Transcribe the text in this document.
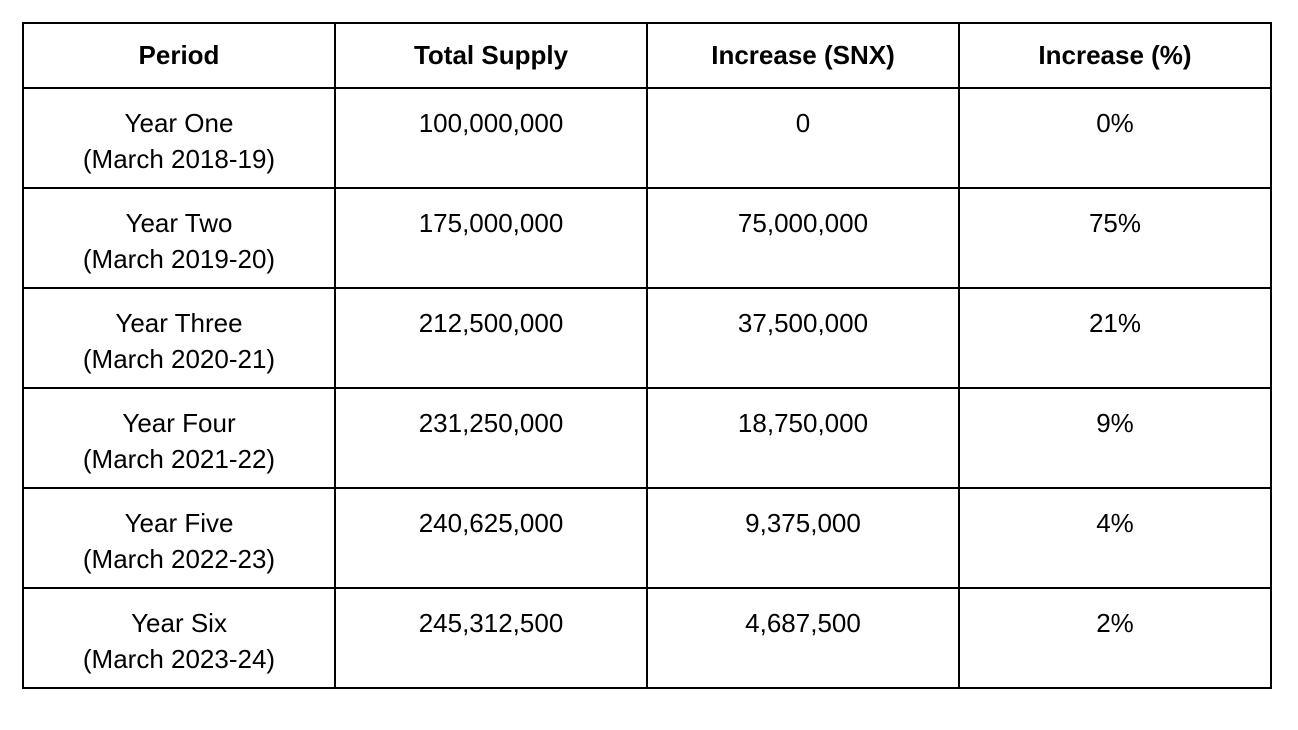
Period	Total Supply	Increase (SNX)	Increase (%)

Year One
(March 2018-19)	100,000,000	0	0%

Year Two
(March 2019-20)	175,000,000	75,000,000	75%

Year Three
(March 2020-21)	212,500,000	37,500,000	21%

Year Four
(March 2021-22)	231,250,000	18,750,000	9%

Year Five
(March 2022-23)	240,625,000	9,375,000	4%

Year Six
(March 2023-24)	245,312,500	4,687,500	2%
